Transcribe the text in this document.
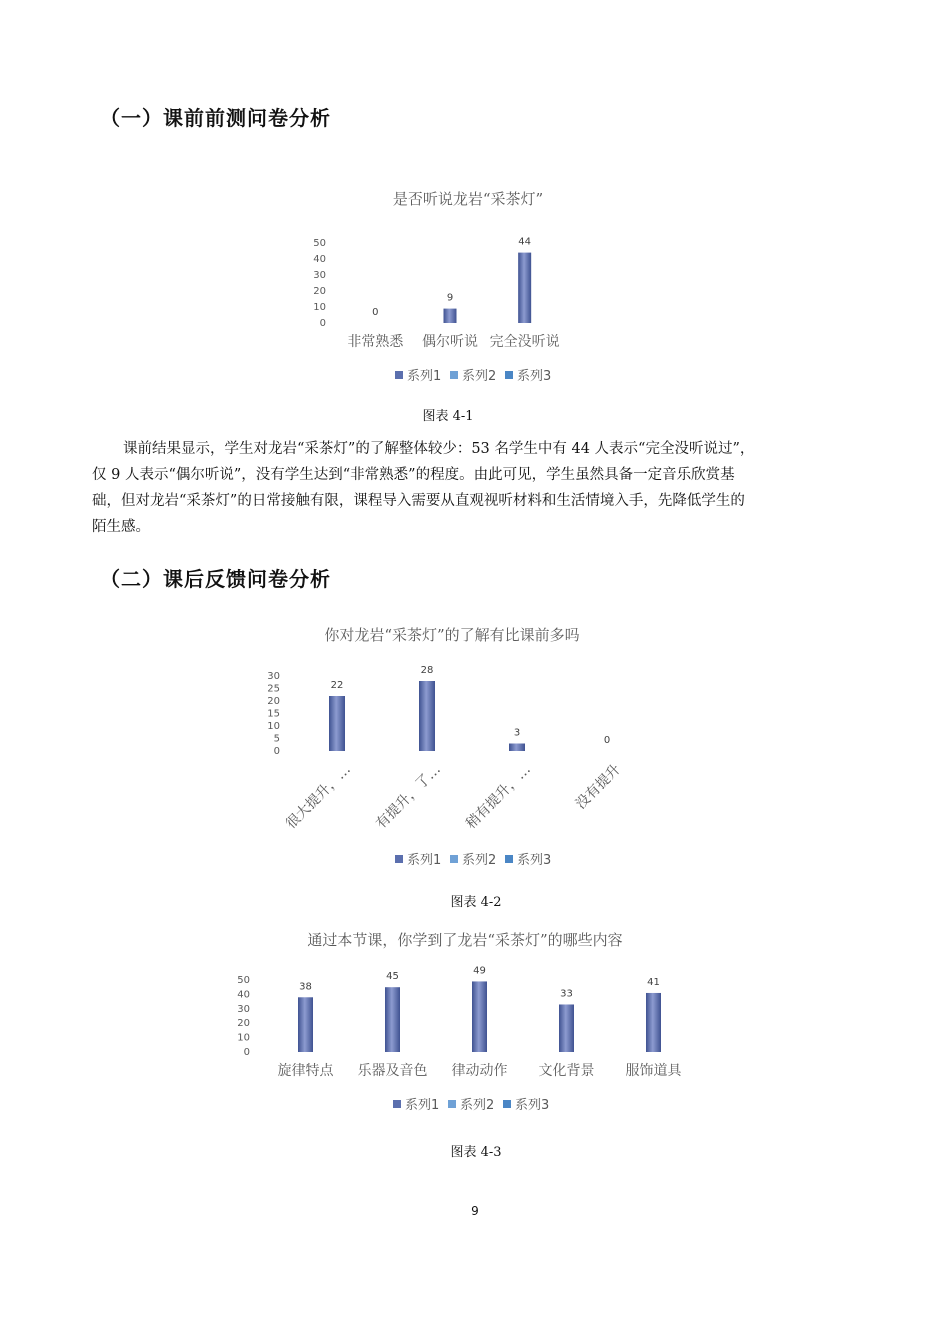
（一）课前前测问卷分析
是否听说龙岩“采茶灯”
0
10
20
30
40
50
0
非常熟悉
9
偶尔听说
44
完全没听说
系列1 系列2 系列3
图表 4-1
课前结果显示，学生对龙岩“采茶灯”的了解整体较少：53 名学生中有 44 人表示“完全没听说过”，
仅 9 人表示“偶尔听说”，没有学生达到“非常熟悉”的程度。由此可见，学生虽然具备一定音乐欣赏基
础，但对龙岩“采茶灯”的日常接触有限，课程导入需要从直观视听材料和生活情境入手，先降低学生的
陌生感。
（二）课后反馈问卷分析
你对龙岩“采茶灯”的了解有比课前多吗
0
5
10
15
20
25
30
22
很大提升，…
28
有提升，了…
3
稍有提升，…
0
没有提升
系列1 系列2 系列3
图表 4-2
通过本节课，你学到了龙岩“采茶灯”的哪些内容
0
10
20
30
40
50
38
旋律特点
45
乐器及音色
49
律动动作
33
文化背景
41
服饰道具
系列1 系列2 系列3
图表 4-3
9
